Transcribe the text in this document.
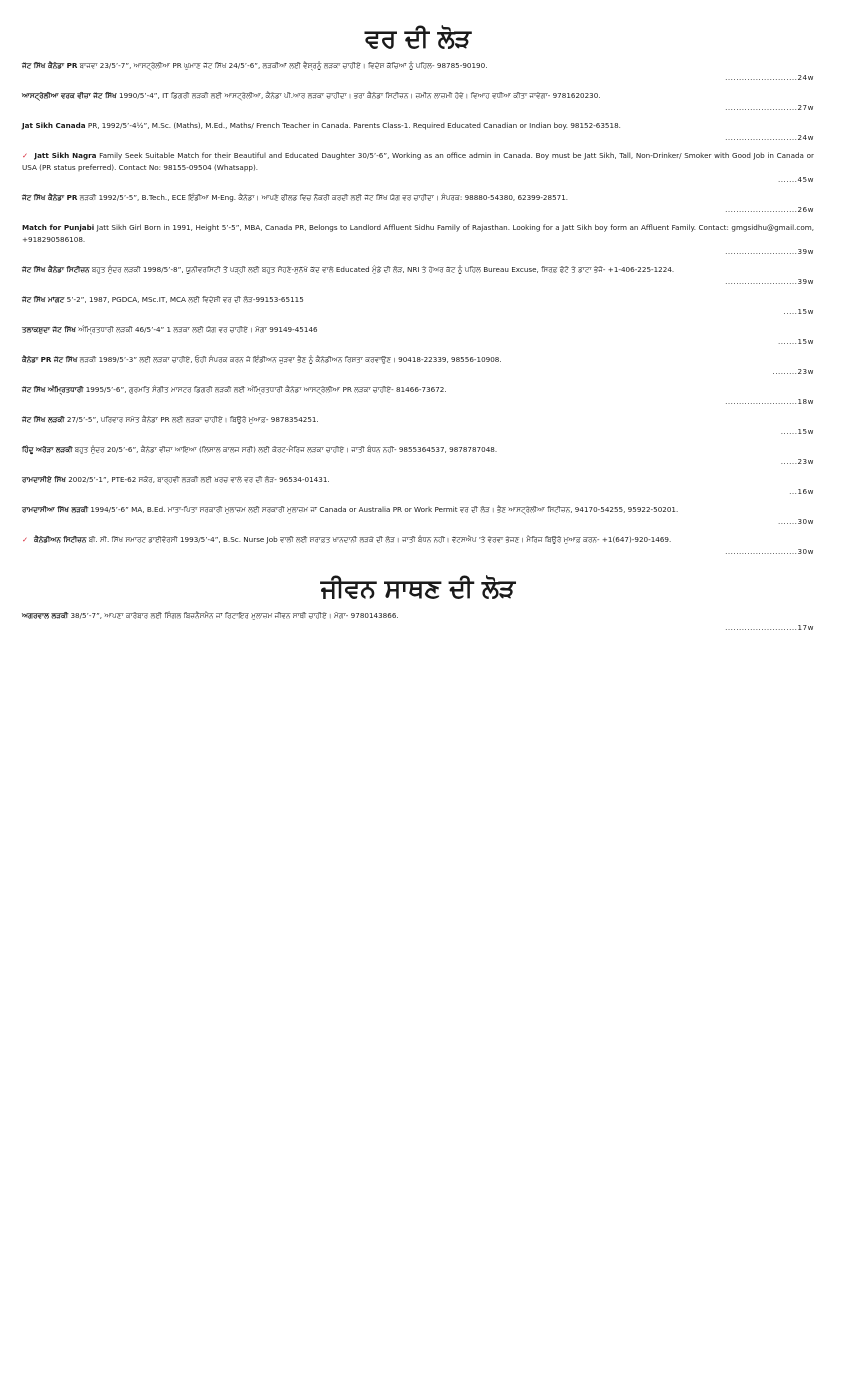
ਵਰ ਦੀ ਲੋੜ

ਜੱਟ ਸਿੱਖ ਕੈਨੇਡਾ PR ਬਾਜਵਾ 23/5’-7”, ਆਸਟ੍ਰੇਲੀਆ PR ਘੁਮਾਣ ਜੱਟ ਸਿੱਖ 24/5’-6”, ਲੜਕੀਆਂ ਲਈ ਵੈਸ਼੍ਰਨੂੰ ਲੜਕਾ ਚਾਹੀਏ। ਵਿਦੇਸ਼ ਕੱਚਿਆਂ ਨੂੰ ਪਹਿਲ- 98785-90190.
..........................24w

ਆਸਟ੍ਰੇਲੀਆ ਵਰਕ ਵੀਜ਼ਾ ਜੱਟ ਸਿੱਖ 1990/5’-4”, IT ਡਿਗਰੀ ਲੜਕੀ ਲਈ ਆਸਟ੍ਰੇਲੀਆ, ਕੈਨੇਡਾ ਪੀ.ਆਰ ਲੜਕਾ ਚਾਹੀਦਾ। ਭਰਾ ਕੈਨੇਡਾ ਸਿਟੀਜ਼ਨ। ਜ਼ਮੀਨ ਲਾਜ਼ਮੀ ਹੋਵੇ। ਵਿਆਹ ਵਧੀਆ ਕੀਤਾ ਜਾਵੇਗਾ- 9781620230.
..........................27w

Jat Sikh Canada PR, 1992/5’-4½”, M.Sc. (Maths), M.Ed., Maths/ French Teacher in Canada. Parents Class-1. Required Educated Canadian or Indian boy. 98152-63518.
..........................24w

✓ Jatt Sikh Nagra Family Seek Suitable Match for their Beautiful and Educated Daughter 30/5’-6”, Working as an office admin in Canada. Boy must be Jatt Sikh, Tall, Non-Drinker/ Smoker with Good Job in Canada or USA (PR status preferred). Contact No: 98155-09504 (Whatsapp).
.......45w

ਜੱਟ ਸਿੱਖ ਕੈਨੇਡਾ PR ਲੜਕੀ 1992/5’-5”, B.Tech., ECE ਇੰਡੀਆ M-Eng. ਕੈਨੇਡਾ। ਆਪਣੇ ਫੀਲਡ ਵਿਚ ਨੌਕਰੀ ਕਰਦੀ ਲਈ ਜੱਟ ਸਿੱਖ ਯੋਗ ਵਰ ਚਾਹੀਦਾ। ਸੰਪਰਕ: 98880-54380, 62399-28571.
..........................26w

Match for Punjabi Jatt Sikh Girl Born in 1991, Height 5’-5”, MBA, Canada PR, Belongs to Landlord Affluent Sidhu Family of Rajasthan. Looking for a Jatt Sikh boy form an Affluent Family. Contact: gmgsidhu@gmail.com, +918290586108.
..........................39w

ਜੱਟ ਸਿੱਖ ਕੈਨੇਡਾ ਸਿਟੀਜ਼ਨ ਬਹੁਤ ਸੁੰਦਰ ਲੜਕੀ 1998/5’-8”, ਯੂਨੀਵਰਸਿਟੀ ਤੋਂ ਪੜ੍ਹੀ ਲਈ ਬਹੁਤ ਸੋਹਣੇ-ਸੁਨੱਖੇ ਕੱਦ ਵਾਲੇ Educated ਮੁੰਡੇ ਦੀ ਲੋੜ, NRI ਤੇ ਹੇਅਰ ਕੱਟ ਨੂੰ ਪਹਿਲ Bureau Excuse, ਸਿਰਫ਼ ਫੋਟੋ ਤੇ ਡਾਟਾ ਭੇਜੋ- +1-406-225-1224.
..........................39w

ਜੱਟ ਸਿੱਖ ਮਾਂਗਟ 5’-2”, 1987, PGDCA, MSc.IT, MCA ਲਈ ਵਿਦੇਸ਼ੀ ਵਰ ਦੀ ਲੋੜ-99153-65115
.....15w

ਤਲਾਕਸ਼ੁਦਾ ਜੱਟ ਸਿੱਖ ਅੰਮ੍ਰਿਤਧਾਰੀ ਲੜਕੀ 46/5’-4” 1 ਲੜਕਾ ਲਈ ਯੋਗ ਵਰ ਚਾਹੀਏ। ਮੋਗਾ 99149-45146
.......15w

ਕੈਨੇਡਾ PR ਜੱਟ ਸਿੱਖ ਲੜਕੀ 1989/5’-3” ਲਈ ਲੜਕਾ ਚਾਹੀਏ, ਓਹੀ ਸੰਪਰਕ ਕਰਨ ਜੋ ਇੰਡੀਅਨ ਜੁੜਵਾ ਭੈਣ ਨੂੰ ਕੈਨੇਡੀਅਨ ਰਿਸ਼ਤਾ ਕਰਵਾਉਣ। 90418-22339, 98556-10908.
.........23w

ਜੱਟ ਸਿੱਖ ਅੰਮ੍ਰਿਤਧਾਰੀ 1995/5’-6”, ਗੁਰਮਤਿ ਸੰਗੀਤ ਮਾਸਟਰ ਡਿਗਰੀ ਲੜਕੀ ਲਈ ਅੰਮ੍ਰਿਤਧਾਰੀ ਕੈਨੇਡਾ ਆਸਟ੍ਰੇਲੀਆ PR ਲੜਕਾ ਚਾਹੀਏ- 81466-73672.
..........................18w

ਜੱਟ ਸਿੱਖ ਲੜਕੀ 27/5’-5”, ਪਰਿਵਾਰ ਸਮੇਤ ਕੈਨੇਡਾ PR ਲਈ ਲੜਕਾ ਚਾਹੀਏ। ਬਿਊਰੋ ਮੁਆਫ਼- 9878354251.
......15w

ਹਿੰਦੂ ਅਰੋੜਾ ਲੜਕੀ ਬਹੁਤ ਸੁੰਦਰ 20/5’-6”, ਕੈਨੇਡਾ ਵੀਜ਼ਾ ਆਇਆ (ਲਿਸਾਲ ਕਾਲਜ ਸਰੀ) ਲਈ ਕੋਰਟ-ਮੈਰਿਜ ਲੜਕਾ ਚਾਹੀਏ। ਜਾਤੀ ਬੰਧਨ ਨਹੀਂ- 9855364537, 9878787048.
......23w

ਰਾਮਦਾਸੀਏ ਸਿੱਖ 2002/5’-1”, PTE-62 ਸਕੋਰ, ਬਾਰ੍ਹਵੀਂ ਲੜਕੀ ਲਈ ਖ਼ਰਚ ਵਾਲੇ ਵਰ ਦੀ ਲੋੜ- 96534-01431.
...16w

ਰਾਮਦਾਸੀਆ ਸਿੱਖ ਲੜਕੀ 1994/5’-6” MA, B.Ed. ਮਾਤਾ-ਪਿਤਾ ਸਰਕਾਰੀ ਮੁਲਾਜ਼ਮ ਲਈ ਸਰਕਾਰੀ ਮੁਲਾਜ਼ਮ ਜਾਂ Canada or Australia PR or Work Permit ਵਰ ਦੀ ਲੋੜ। ਭੈਣ ਆਸਟ੍ਰੇਲੀਆ ਸਿਟੀਜ਼ਨ, 94170-54255, 95922-50201.
.......30w

✓ ਕੈਨੇਡੀਅਨ ਸਿਟੀਜ਼ਨ ਬੀ. ਸੀ. ਸਿੱਖ ਸਮਾਰਟ ਡਾਈਵੋਰਸੀ 1993/5’-4”, B.Sc. Nurse Job ਵਾਲੀ ਲਈ ਸ਼ਰਾਫ਼ਤ ਖਾਨਦਾਨੀ ਲੜਕੇ ਦੀ ਲੋੜ। ਜਾਤੀ ਬੰਧਨ ਨਹੀਂ। ਵੱਟਸਐਪ 'ਤੇ ਵੇਰਵਾ ਭੇਜਣ। ਮੈਰਿਜ ਬਿਊਰੋ ਮੁਆਫ਼ ਕਰਨ- +1(647)-920-1469.
..........................30w

ਜੀਵਨ ਸਾਥਣ ਦੀ ਲੋੜ

ਅਗਰਵਾਲ ਲੜਕੀ 38/5’-7”, ਆਪਣਾ ਕਾਰੋਬਾਰ ਲਈ ਸਿੰਗਲ ਬਿਜ਼ਨੈਸਮੈਨ ਜਾਂ ਰਿਟਾਇਰ ਮੁਲਾਜ਼ਮ ਜੀਵਨ ਸਾਥੀ ਚਾਹੀਏ। ਮੋਗਾ- 9780143866.
..........................17w
